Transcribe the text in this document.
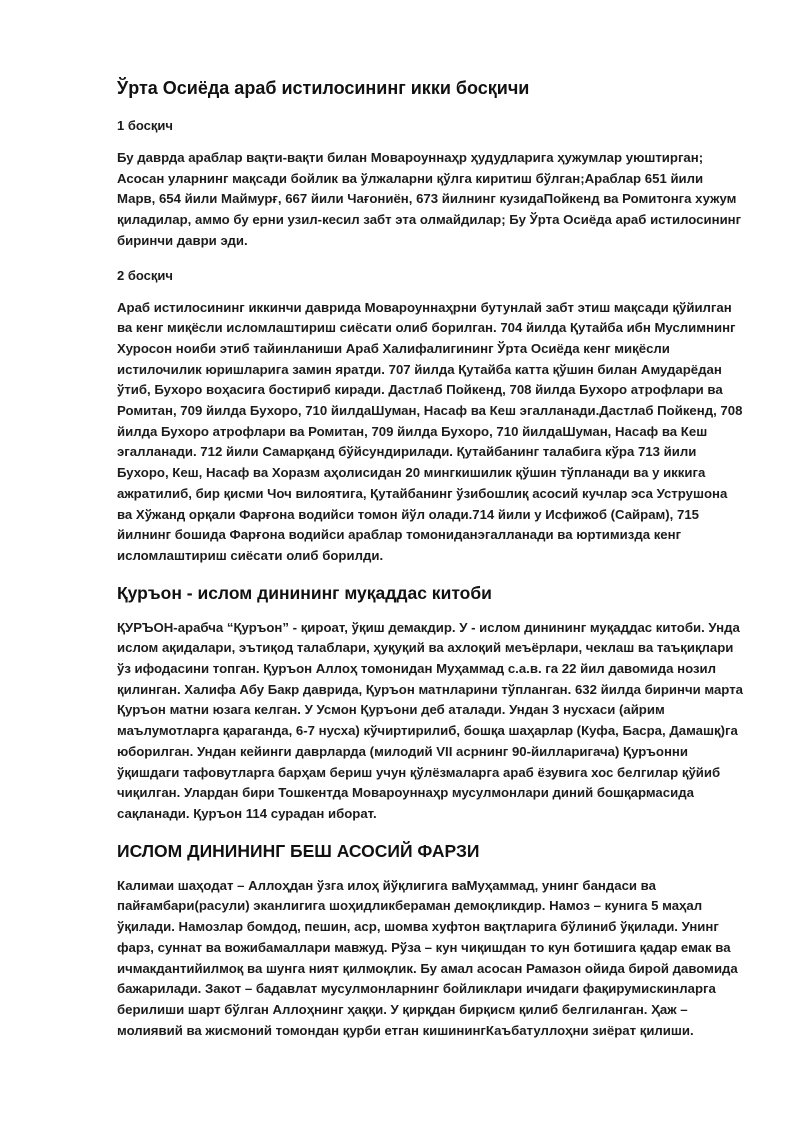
Ўрта Осиёда араб истилосининг икки босқичи
1 босқич

Бу даврда араблар вақти-вақти билан Мовароуннаҳр ҳудудларига ҳужумлар уюштирган; Асосан уларнинг мақсади бойлик ва ўлжаларни қўлга киритиш бўлган;Араблар 651 йили Марв, 654 йили Маймурғ, 667 йили Чағониён, 673 йилнинг кузидаПойкенд ва Ромитонга хужум қиладилар, аммо бу ерни узил-кесил забт эта олмайдилар; Бу Ўрта Осиёда араб истилосининг биринчи даври эди.

2 босқич

Араб истилосининг иккинчи даврида Мовароуннаҳрни бутунлай забт этиш мақсади қўйилган ва кенг миқёсли исломлаштириш сиёсати олиб борилган. 704 йилда Қутайба ибн Муслимнинг Хуросон ноиби этиб тайинланиши Араб Халифалигининг Ўрта Осиёда кенг миқёсли истилочилик юришларига замин яратди. 707 йилда Қутайба катта қўшин билан Амударёдан ўтиб, Бухоро воҳасига бостириб киради. Дастлаб Пойкенд, 708 йилда Бухоро атрофлари ва Ромитан, 709 йилда Бухоро, 710 йилдаШуман, Насаф ва Кеш эгалланади.Дастлаб Пойкенд, 708 йилда Бухоро атрофлари ва Ромитан, 709 йилда Бухоро, 710 йилдаШуман, Насаф ва Кеш эгалланади. 712 йили Самарқанд бўйсундирилади. Қутайбанинг талабига кўра 713 йили Бухоро, Кеш, Насаф ва Хоразм аҳолисидан 20 мингкишилик қўшин тўпланади ва у иккига ажратилиб, бир қисми Чоч вилоятига, Қутайбанинг ўзибошлиқ асосий кучлар эса Уструшона ва Хўжанд орқали Фарғона водийси томон йўл олади.714 йили у Исфижоб (Сайрам), 715 йилнинг бошида Фарғона водийси араблар томониданэгалланади ва юртимизда кенг исломлаштириш сиёсати олиб борилди.

Қуръон - ислом динининг муқаддас китоби

ҚУРЪОН-арабча “Қуръон” - қироат, ўқиш демакдир. У - ислом динининг муқаддас китоби. Унда ислом ақидалари, эътиқод талаблари, ҳуқуқий ва ахлоқий меъёрлари, чеклаш ва таъқиқлари ўз ифодасини топган. Қуръон Аллоҳ томонидан Муҳаммад с.а.в. га 22 йил давомида нозил қилинган. Халифа Абу Бакр даврида, Қуръон матнларини тўпланган. 632 йилда биринчи марта Қуръон матни юзага келган. У Усмон Қуръони деб аталади. Ундан 3 нусхаси (айрим маълумотларга қараганда, 6-7 нусха) кўчиртирилиб, бошқа шаҳарлар (Куфа, Басра, Дамашқ)га юборилган. Ундан кейинги даврларда (милодий VII асрнинг 90-йилларигача) Қуръонни ўқишдаги тафовутларга барҳам бериш учун қўлёзмаларга араб ёзувига хос белгилар қўйиб чиқилган. Улардан бири Тошкентда Мовароуннаҳр мусулмонлари диний бошқармасида сақланади. Қуръон 114 сурадан иборат.

ИСЛОМ ДИНИНИНГ БЕШ АСОСИЙ ФАРЗИ

Калимаи шаҳодат – Аллоҳдан ўзга илоҳ йўқлигига ваМуҳаммад, унинг бандаси ва пайғамбари(расули) эканлигига шоҳидликбераман демоқликдир. Намоз – кунига 5 маҳал ўқилади. Намозлар бомдод, пешин, аср, шомва хуфтон вақтларига бўлиниб ўқилади. Унинг фарз, суннат ва вожибамаллари мавжуд. Рўза – кун чиқишдан то кун ботишига қадар емак ва ичмакдантийилмоқ ва шунга ният қилмоқлик. Бу амал асосан Рамазон ойида бирой давомида бажарилади. Закот – бадавлат мусулмонларнинг бойликлари ичидаги фақирумискинларга берилиши шарт бўлган Аллоҳнинг ҳаққи. У қирқдан бирқисм қилиб белгиланган. Ҳаж – молиявий ва жисмоний томондан қурби етган кишинингКаъбатуллоҳни зиёрат қилиши.
